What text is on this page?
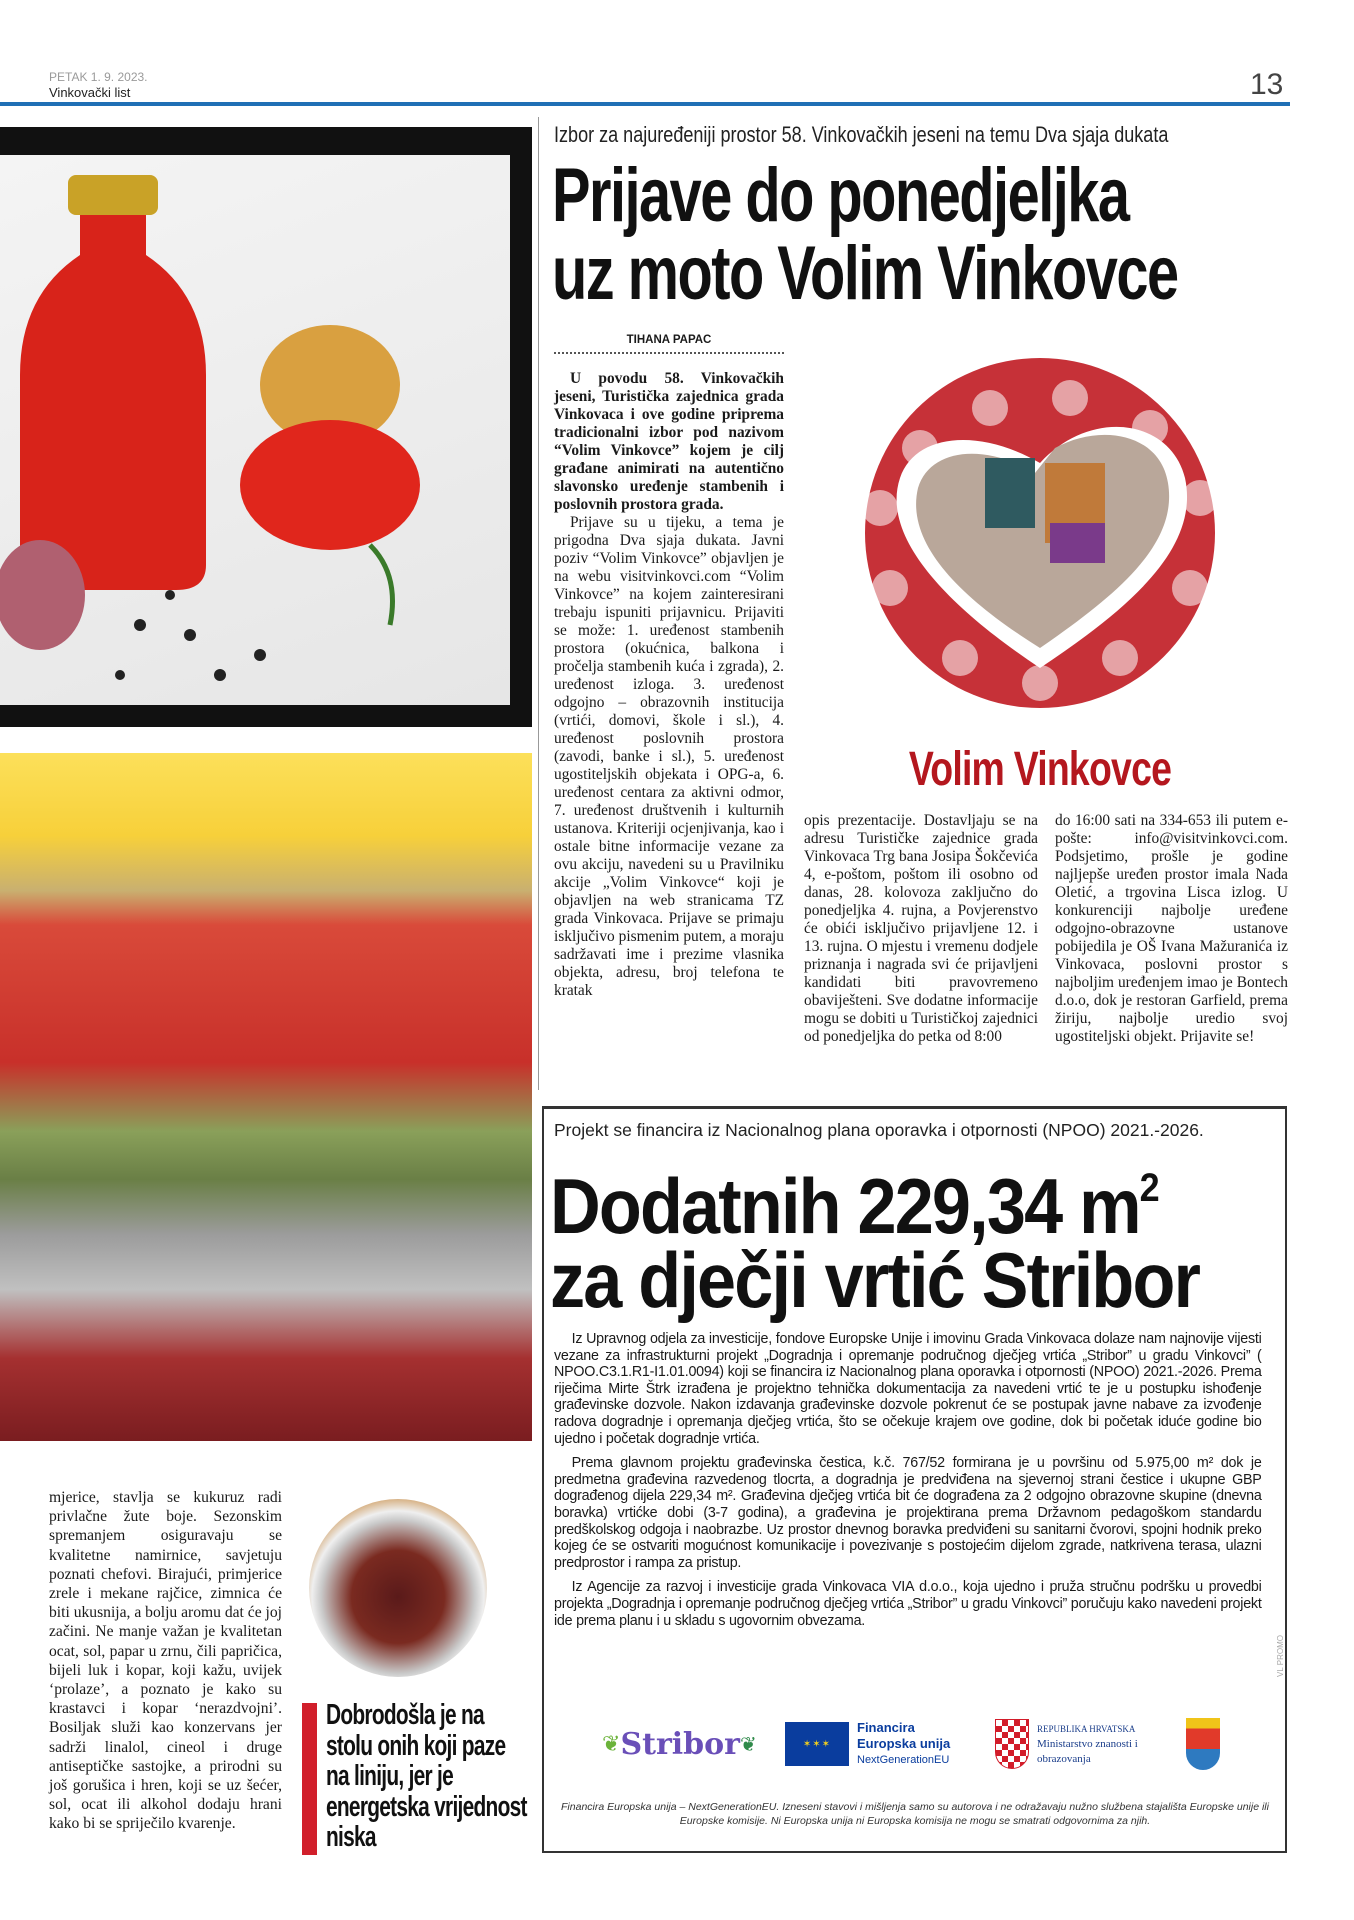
PETAK 1. 9. 2023.
Vinkovački list	13
mjerice, stavlja se kukuruz radi privlačne žute boje. Sezonskim spremanjem osiguravaju se kvalitetne namirnice, savjetuju poznati chefovi. Birajući, primjerice zrele i mekane rajčice, zimnica će biti ukusnija, a bolju aromu dat će joj začini. Ne manje važan je kvalitetan ocat, sol, papar u zrnu, čili papričica, bijeli luk i kopar, koji kažu, uvijek ‘prolaze’, a poznato je kako su krastavci i kopar ‘nerazdvojni’. Bosiljak služi kao konzervans jer sadrži linalol, cineol i druge antiseptičke sastojke, a prirodni su još gorušica i hren, koji se uz šećer, sol, ocat ili alkohol dodaju hrani kako bi se spriječilo kvarenje.
Dobrodošla je na stolu onih koji paze na liniju, jer je energetska vrijednost niska
Izbor za najuređeniji prostor 58. Vinkovačkih jeseni na temu Dva sjaja dukata
Prijave do ponedjeljka
uz moto Volim Vinkovce
TIHANA PAPAC

U povodu 58. Vinkovačkih jeseni, Turistička zajednica grada Vinkovaca i ove godine priprema tradicionalni izbor pod nazivom “Volim Vinkovce” kojem je cilj građane animirati na autentično slavonsko uređenje stambenih i poslovnih prostora grada.

Prijave su u tijeku, a tema je prigodna Dva sjaja dukata. Javni poziv “Volim Vinkovce” objavljen je na webu visitvinkovci.com “Volim Vinkovce” na kojem zainteresirani trebaju ispuniti prijavnicu. Prijaviti se može: 1. uređenost stambenih prostora (okućnica, balkona i pročelja stambenih kuća i zgrada), 2. uređenost izloga. 3. uređenost odgojno – obrazovnih institucija (vrtići, domovi, škole i sl.), 4. uređenost poslovnih prostora (zavodi, banke i sl.), 5. uređenost ugostiteljskih objekata i OPG-a, 6. uređenost centara za aktivni odmor, 7. uređenost društvenih i kulturnih ustanova. Kriteriji ocjenjivanja, kao i ostale bitne informacije vezane za ovu akciju, navedeni su u Pravilniku akcije „Volim Vinkovce“ koji je objavljen na web stranicama TZ grada Vinkovaca. Prijave se primaju isključivo pismenim putem, a moraju sadržavati ime i prezime vlasnika objekta, adresu, broj telefona te kratak

Volim Vinkovce
opis prezentacije. Dostavljaju se na adresu Turističke zajednice grada Vinkovaca Trg bana Josipa Šokčevića 4, e-poštom, poštom ili osobno od danas, 28. kolovoza zaključno do ponedjeljka 4. rujna, a Povjerenstvo će obići isključivo prijavljene 12. i 13. rujna. O mjestu i vremenu dodjele priznanja i nagrada svi će prijavljeni kandidati biti pravovremeno obaviješteni. Sve dodatne informacije mogu se dobiti u Turističkoj zajednici od ponedjeljka do petka od 8:00
do 16:00 sati na 334-653 ili putem e-pošte: info@visitvinkovci.com. Podsjetimo, prošle je godine najljepše uređen prostor imala Nada Oletić, a trgovina Lisca izlog. U konkurenciji najbolje uređene odgojno-obrazovne ustanove pobijedila je OŠ Ivana Mažuranića iz Vinkovaca, poslovni prostor s najboljim uređenjem imao je Bontech d.o.o, dok je restoran Garfield, prema žiriju, najbolje uredio svoj ugostiteljski objekt. Prijavite se!
Projekt se financira iz Nacionalnog plana oporavka i otpornosti (NPOO) 2021.-2026.
Dodatnih 229,34 $m^2$
za dječji vrtić Stribor

Iz Upravnog odjela za investicije, fondove Europske Unije i imovinu Grada Vinkovaca dolaze nam najnovije vijesti vezane za infrastrukturni projekt „Dogradnja i opremanje područnog dječjeg vrtića „Stribor” u gradu Vinkovci” ( NPOO.C3.1.R1-I1.01.0094) koji se financira iz Nacionalnog plana oporavka i otpornosti (NPOO) 2021.-2026. Prema riječima Mirte Štrk izrađena je projektno tehnička dokumentacija za navedeni vrtić te je u postupku ishođenje građevinske dozvole. Nakon izdavanja građevinske dozvole pokrenut će se postupak javne nabave za izvođenje radova dogradnje i opremanja dječjeg vrtića, što se očekuje krajem ove godine, dok bi početak iduće godine bio ujedno i početak dogradnje vrtića.

Prema glavnom projektu građevinska čestica, k.č. 767/52 formirana je u površinu od 5.975,00 m² dok je predmetna građevina razvedenog tlocrta, a dogradnja je predviđena na sjevernoj strani čestice i ukupne GBP dograđenog dijela 229,34 m². Građevina dječjeg vrtića bit će dograđena za 2 odgojno obrazovne skupine (dnevna boravka) vrtićke dobi (3-7 godina), a građevina je projektirana prema Državnom pedagoškom standardu predškolskog odgoja i naobrazbe. Uz prostor dnevnog boravka predviđeni su sanitarni čvorovi, spojni hodnik preko kojeg će se ostvariti mogućnost komunikacije i povezivanje s postojećim dijelom zgrade, natkrivena terasa, ulazni predprostor i rampa za pristup.

Iz Agencije za razvoj i investicije grada Vinkovaca VIA d.o.o., koja ujedno i pruža stručnu podršku u provedbi projekta „Dogradnja i opremanje područnog dječjeg vrtića „Stribor” u gradu Vinkovci” poručuju kako navedeni projekt ide prema planu i u skladu s ugovornim obvezama.

VL PROMO
❦ Stribor ❦	✶✶✶
Financira
Europska unija
NextGenerationEU
REPUBLIKA HRVATSKA
Ministarstvo znanosti i
obrazovanja
Financira Europska unija – NextGenerationEU. Izneseni stavovi i mišljenja samo su autorova i ne odražavaju nužno službena stajališta Europske unije ili Europske komisije. Ni Europska unija ni Europska komisija ne mogu se smatrati odgovornima za njih.
